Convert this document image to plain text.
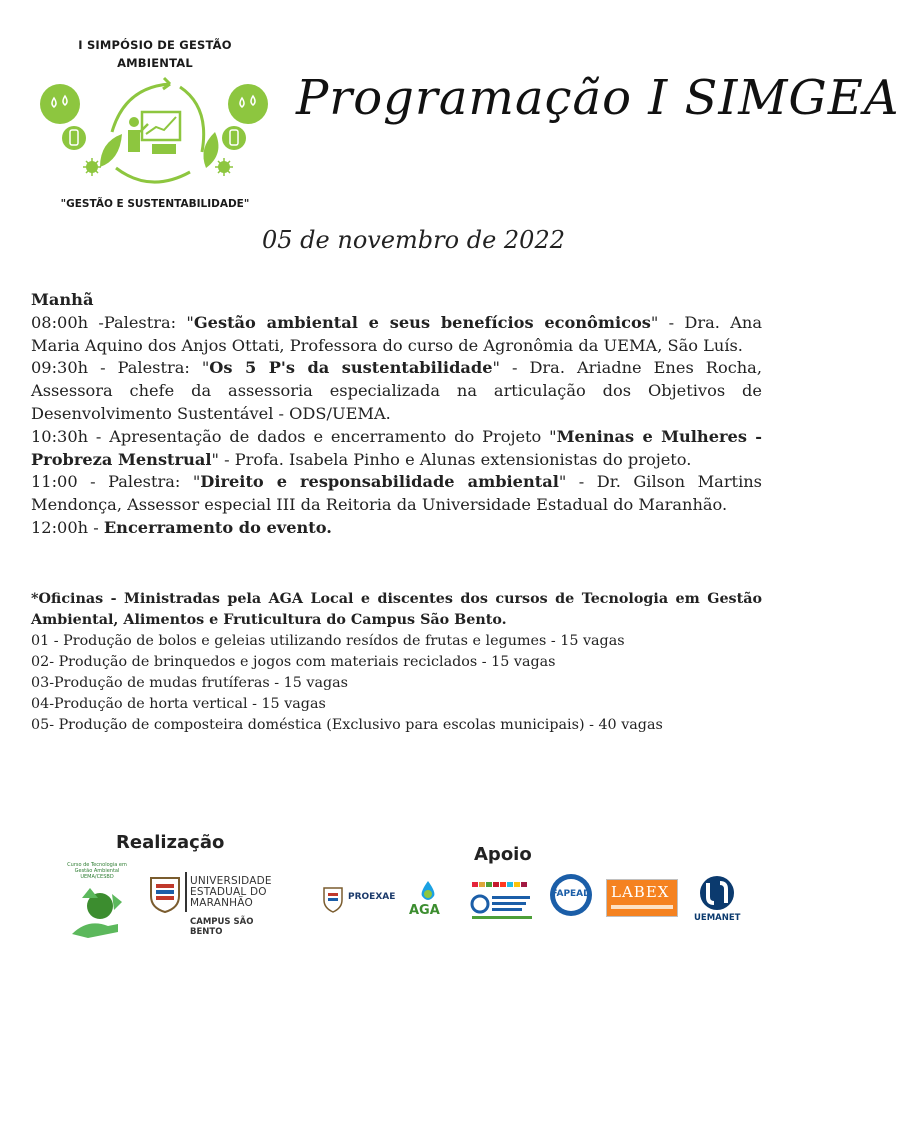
I SIMPÓSIO DE GESTÃO
AMBIENTAL
"GESTÃO E SUSTENTABILIDADE"
Programação I SIMGEA
05 de novembro de 2022

Manhã

08:00h -Palestra: "Gestão ambiental e seus benefícios econômicos" - Dra. Ana Maria Aquino dos Anjos Ottati, Professora do curso de Agronômia da UEMA, São Luís.

09:30h - Palestra: "Os 5 P's da sustentabilidade" - Dra. Ariadne Enes Rocha, Assessora chefe da assessoria especializada na articulação dos Objetivos de Desenvolvimento Sustentável - ODS/UEMA.

10:30h - Apresentação de dados e encerramento do Projeto "Meninas e Mulheres - Probreza Menstrual" - Profa. Isabela Pinho e Alunas extensionistas do projeto.

11:00 - Palestra: "Direito e responsabilidade ambiental" - Dr. Gilson Martins Mendonça, Assessor especial III da Reitoria da Universidade Estadual do Maranhão.

12:00h - Encerramento do evento.

*Oficinas - Ministradas pela AGA Local e discentes dos cursos de Tecnologia em Gestão Ambiental, Alimentos e Fruticultura do Campus São Bento.

01 - Produção de bolos e geleias utilizando resídos de frutas e legumes - 15 vagas

02- Produção de brinquedos e jogos com materiais reciclados - 15 vagas

03-Produção de mudas frutíferas - 15 vagas

04-Produção de horta vertical - 15 vagas

05- Produção de composteira doméstica (Exclusivo para escolas municipais) - 40 vagas

Realização
Apoio
Curso de Tecnologia em Gestão Ambiental UEMA/CESBD	UNIVERSIDADE
ESTADUAL DO
MARANHÃO
CAMPUS SÃO BENTO
PROEXAE
AGA
FAPEAD LABEX
UEMANET
